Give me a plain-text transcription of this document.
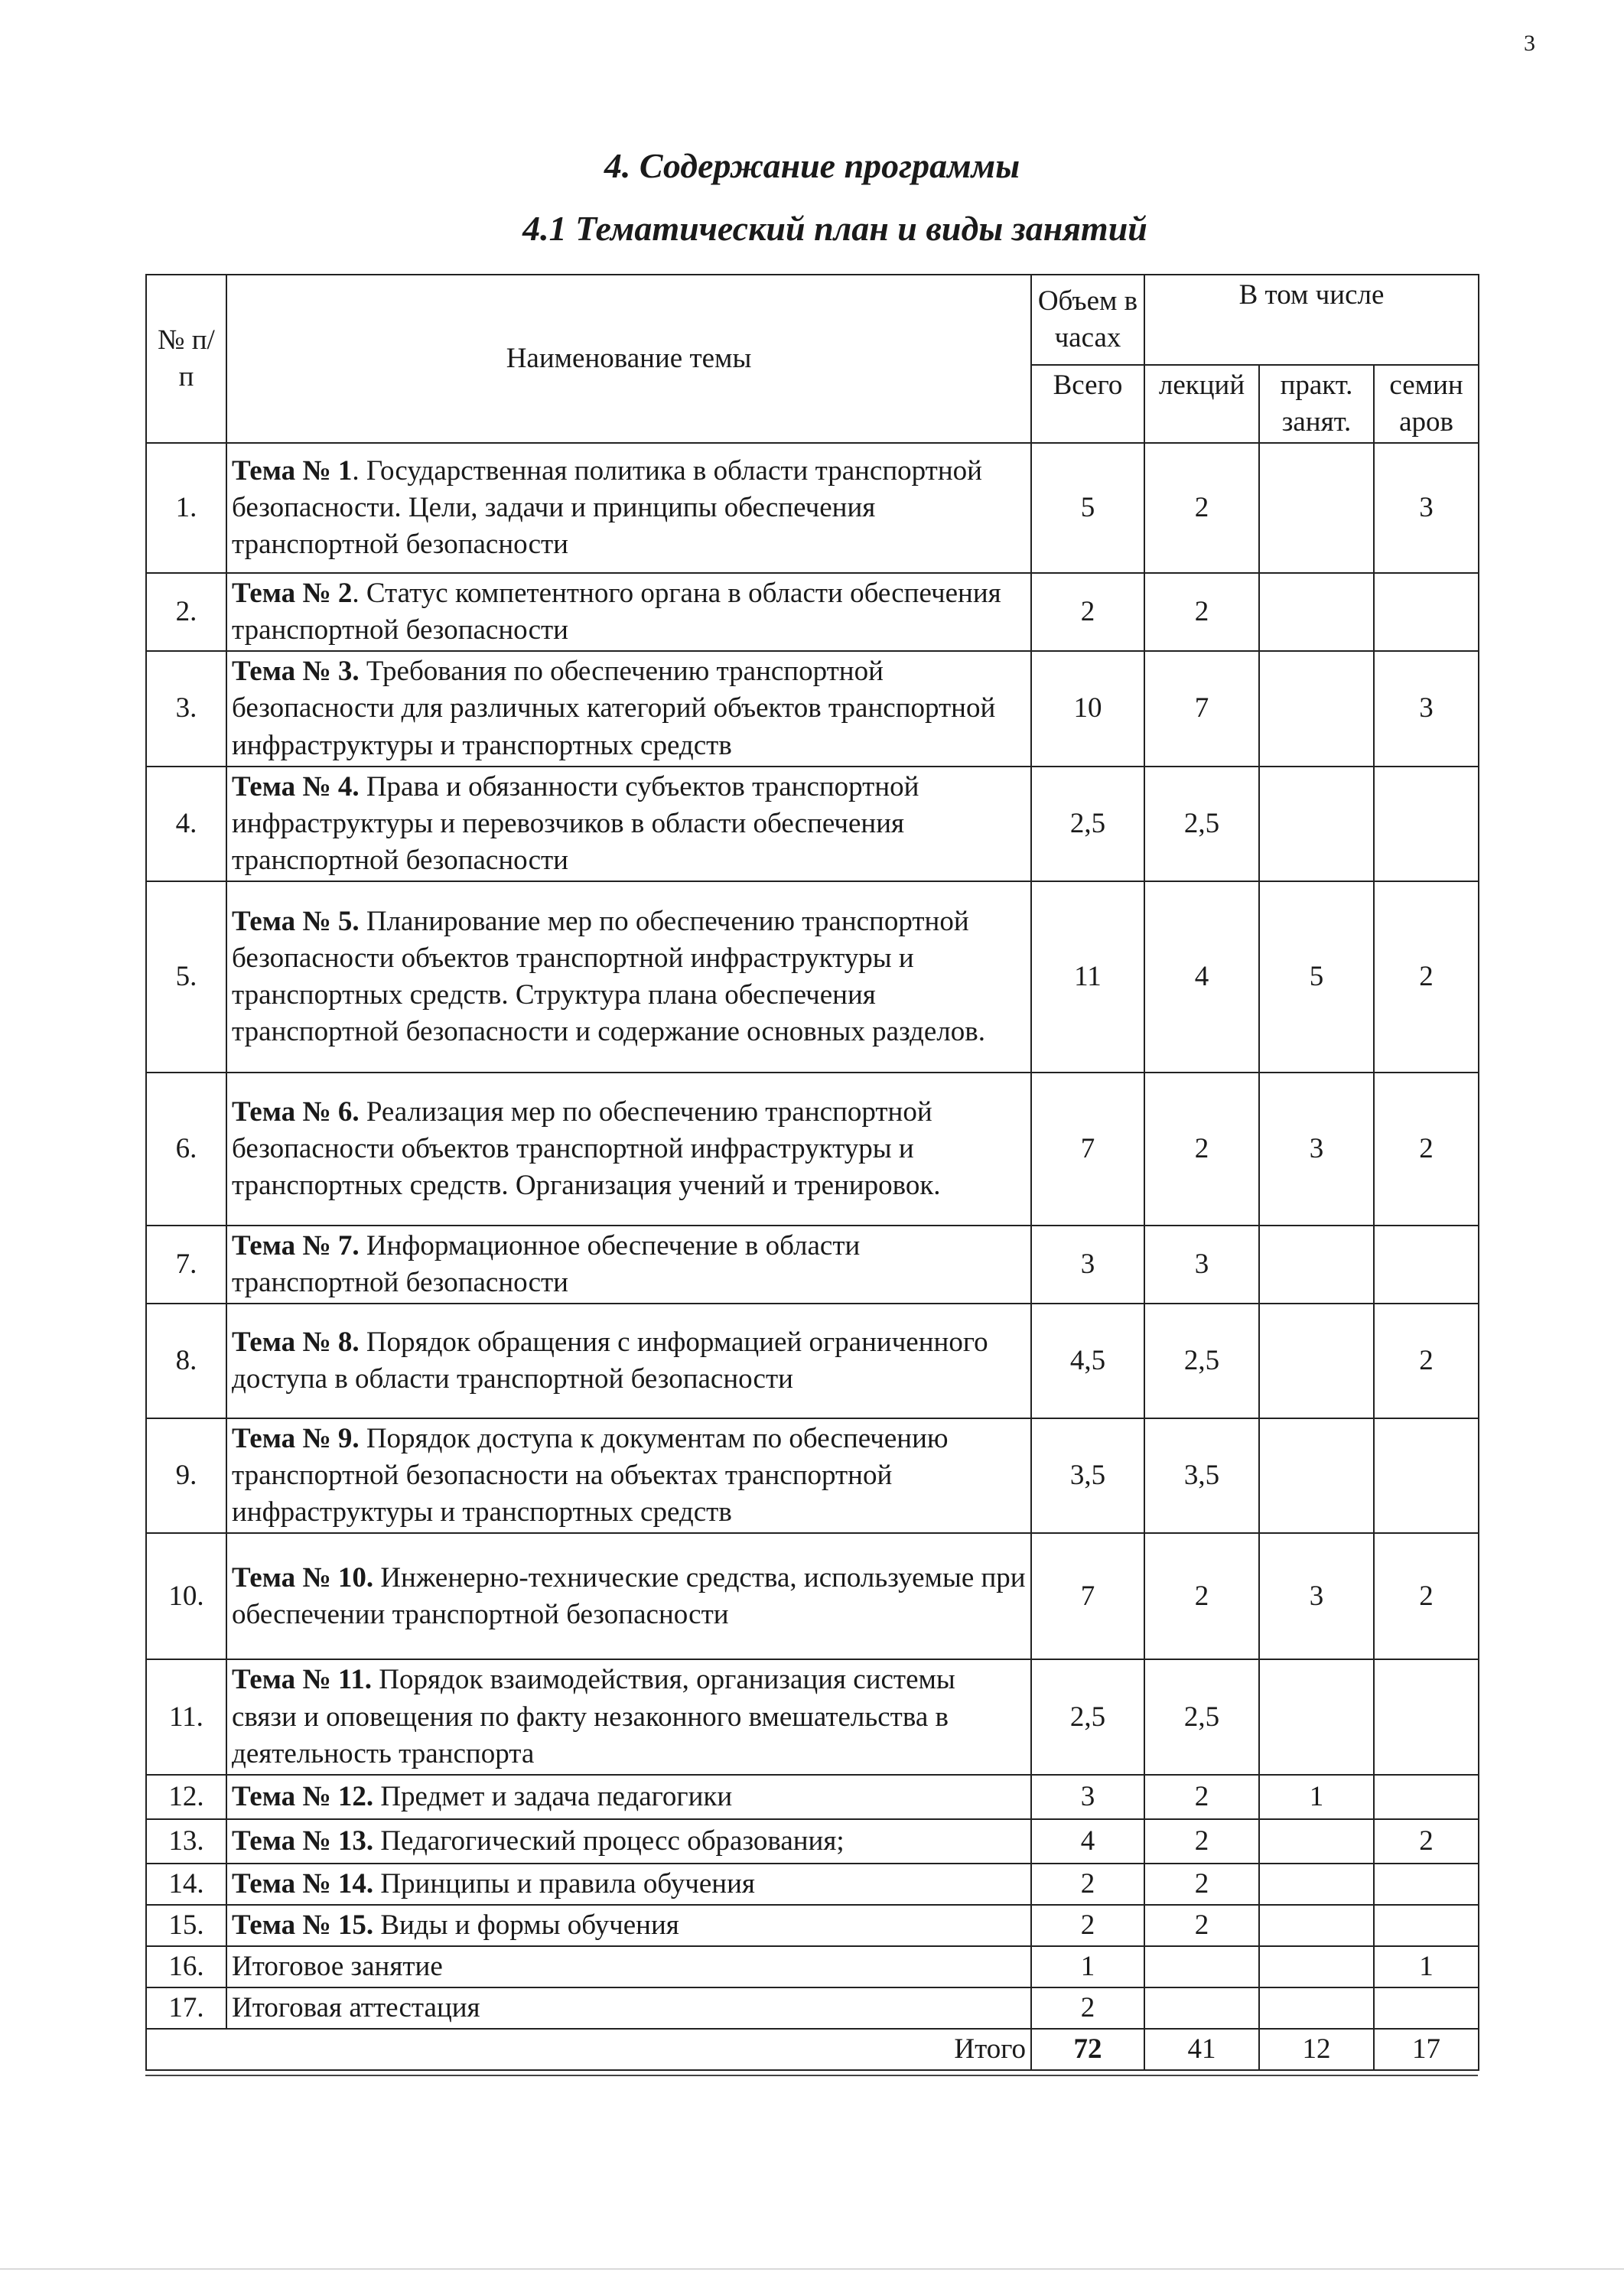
3
4. Содержание программы
4.1 Тематический план и виды занятий
№ п/п	Наименование темы	Объем в часах	В том числе		
		Всего	лекций	практ. занят.	семин аров
1.	Тема № 1. Государственная политика в области транспортной безопасности. Цели, задачи и принципы обеспечения транспортной безопасности	5	2		3
2.	Тема № 2. Статус компетентного органа в области обеспечения транспортной безопасности	2	2		
3.	Тема № 3. Требования по обеспечению транспортной безопасности для различных категорий объектов транспортной инфраструктуры и транспортных средств	10	7		3
4.	Тема № 4. Права и обязанности субъектов транспортной инфраструктуры и перевозчиков в области обеспечения транспортной безопасности	2,5	2,5		
5.	Тема № 5. Планирование мер по обеспечению транспортной безопасности объектов транспортной инфраструктуры и транспортных средств. Структура плана обеспечения транспортной безопасности и содержание основных разделов.	11	4	5	2
6.	Тема № 6. Реализация мер по обеспечению транспортной безопасности объектов транспортной инфраструктуры и транспортных средств. Организация учений и тренировок.	7	2	3	2
7.	Тема № 7. Информационное обеспечение в области транспортной безопасности	3	3		
8.	Тема № 8. Порядок обращения с информацией ограниченного доступа в области транспортной безопасности	4,5	2,5		2
9.	Тема № 9. Порядок доступа к документам по обеспечению транспортной безопасности на объектах транспортной инфраструктуры и транспортных средств	3,5	3,5		
10.	Тема № 10. Инженерно-технические средства, используемые при обеспечении транспортной безопасности	7	2	3	2
11.	Тема № 11. Порядок взаимодействия, организация системы связи и оповещения по факту незаконного вмешательства в деятельность транспорта	2,5	2,5		
12.	Тема № 12. Предмет и задача педагогики	3	2	1	
13.	Тема № 13. Педагогический процесс образования;	4	2		2
14.	Тема № 14. Принципы и правила обучения	2	2		
15.	Тема № 15. Виды и формы обучения	2	2		
16.	Итоговое занятие	1			1
17.	Итоговая аттестация	2			
Итого		72	41	12	17
